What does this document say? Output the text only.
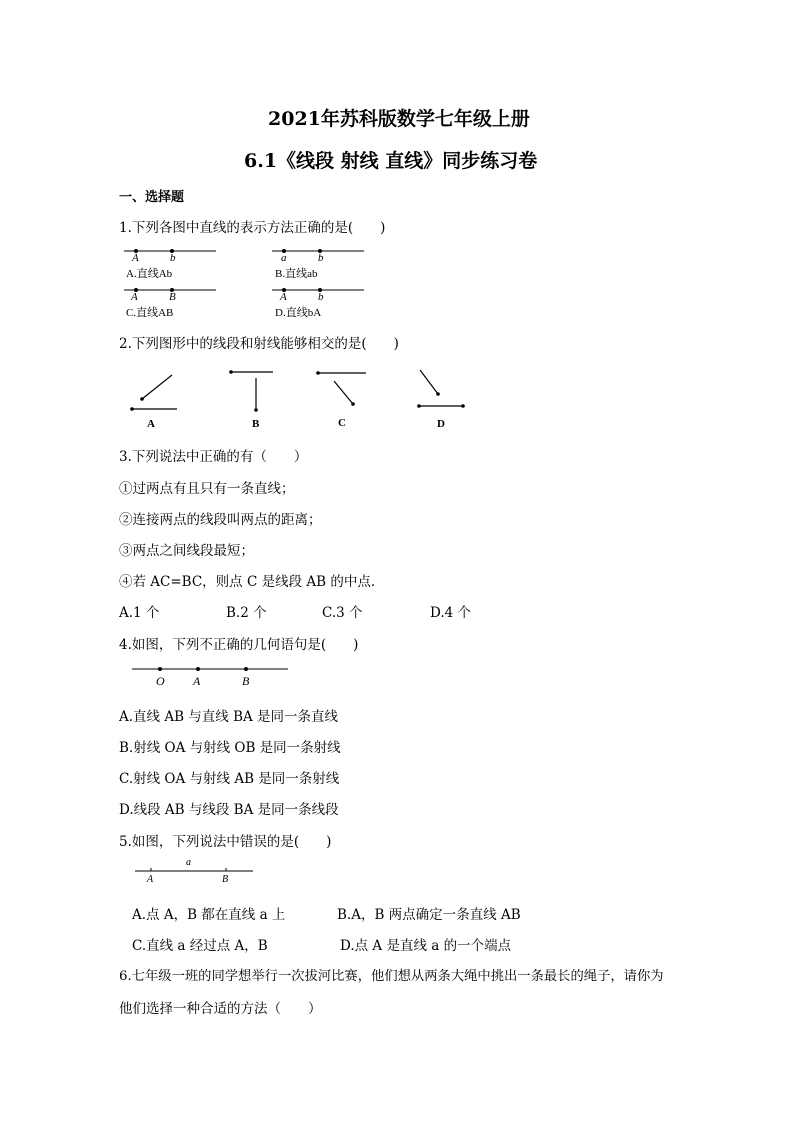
2021年苏科版数学七年级上册
6.1《线段 射线 直线》同步练习卷
一、选择题
1.下列各图中直线的表示方法正确的是(　　)
A	b
A.直线Ab
a	b
B.直线ab
A	B
C.直线AB
A	b
D.直线bA
2.下列图形中的线段和射线能够相交的是(　　)
A	B	C	D
3.下列说法中正确的有（　　）
①过两点有且只有一条直线；
②连接两点的线段叫两点的距离；
③两点之间线段最短；
④若 AC=BC，则点 C 是线段 AB 的中点.
A.1 个	B.2 个	C.3 个	D.4 个
4.如图，下列不正确的几何语句是(　　)
O A	B
A.直线 AB 与直线 BA 是同一条直线
B.射线 OA 与射线 OB 是同一条射线
C.射线 OA 与射线 AB 是同一条射线
D.线段 AB 与线段 BA 是同一条线段
5.如图，下列说法中错误的是(　　)
a
A	B
A.点 A，B 都在直线 a 上	B.A，B 两点确定一条直线 AB
C.直线 a 经过点 A，B	D.点 A 是直线 a 的一个端点
6.七年级一班的同学想举行一次拔河比赛，他们想从两条大绳中挑出一条最长的绳子，请你为
他们选择一种合适的方法（　　）
